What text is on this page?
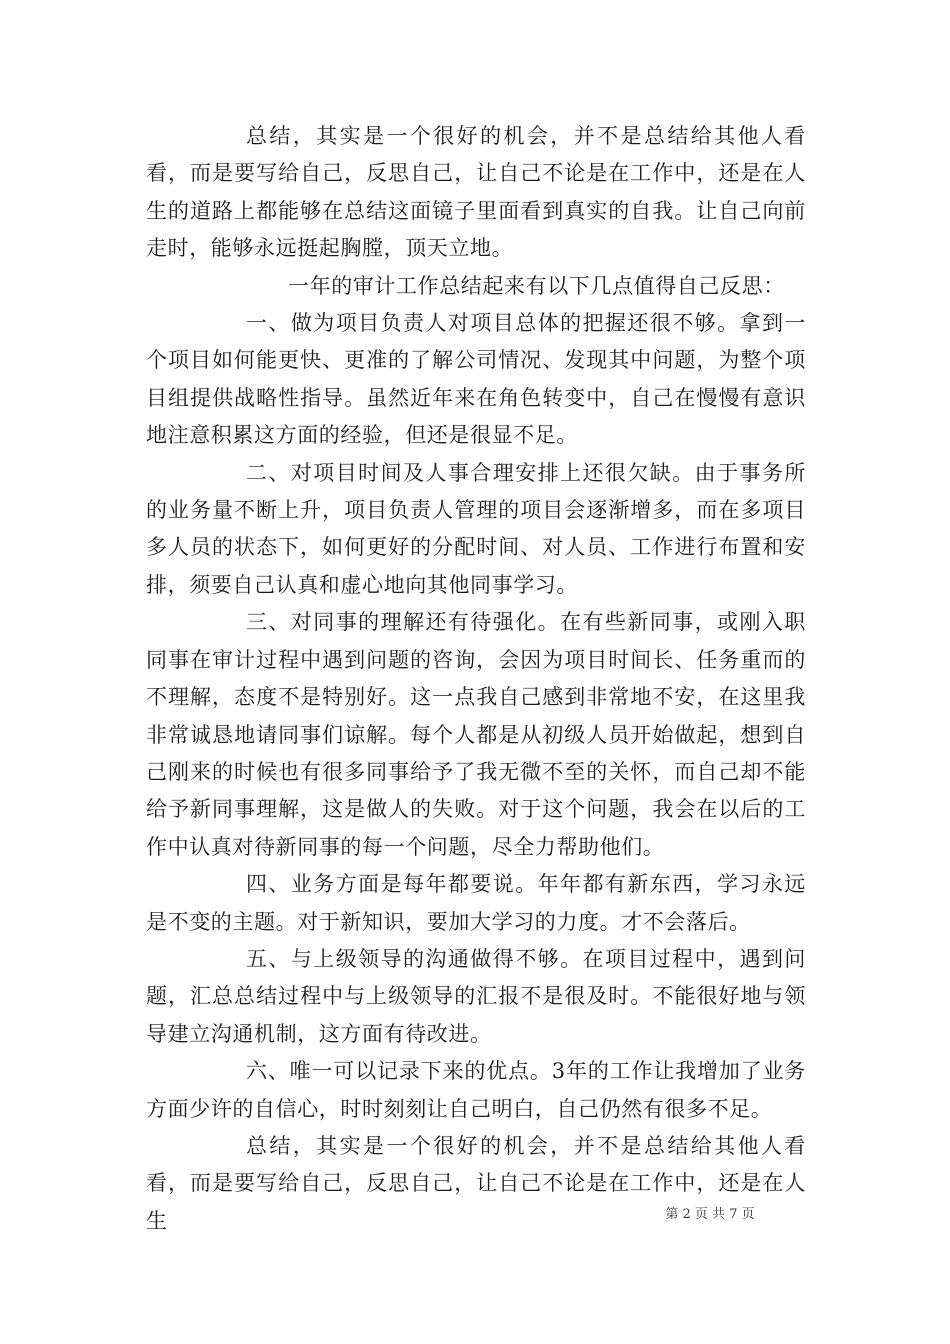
总结，其实是一个很好的机会，并不是总结给其他人看看，而是要写给自己，反思自己，让自己不论是在工作中，还是在人生的道路上都能够在总结这面镜子里面看到真实的自我。让自己向前走时，能够永远挺起胸膛，顶天立地。

一年的审计工作总结起来有以下几点值得自己反思：

一、做为项目负责人对项目总体的把握还很不够。拿到一个项目如何能更快、更准的了解公司情况、发现其中问题，为整个项目组提供战略性指导。虽然近年来在角色转变中，自己在慢慢有意识地注意积累这方面的经验，但还是很显不足。

二、对项目时间及人事合理安排上还很欠缺。由于事务所的业务量不断上升，项目负责人管理的项目会逐渐增多，而在多项目多人员的状态下，如何更好的分配时间、对人员、工作进行布置和安排，须要自己认真和虚心地向其他同事学习。

三、对同事的理解还有待强化。在有些新同事，或刚入职同事在审计过程中遇到问题的咨询，会因为项目时间长、任务重而的不理解，态度不是特别好。这一点我自己感到非常地不安，在这里我非常诚恳地请同事们谅解。每个人都是从初级人员开始做起，想到自己刚来的时候也有很多同事给予了我无微不至的关怀，而自己却不能给予新同事理解，这是做人的失败。对于这个问题，我会在以后的工作中认真对待新同事的每一个问题，尽全力帮助他们。

四、业务方面是每年都要说。年年都有新东西，学习永远是不变的主题。对于新知识，要加大学习的力度。才不会落后。

五、与上级领导的沟通做得不够。在项目过程中，遇到问题，汇总总结过程中与上级领导的汇报不是很及时。不能很好地与领导建立沟通机制，这方面有待改进。

六、唯一可以记录下来的优点。3年的工作让我增加了业务方面少许的自信心，时时刻刻让自己明白，自己仍然有很多不足。

总结，其实是一个很好的机会，并不是总结给其他人看看，而是要写给自己，反思自己，让自己不论是在工作中，还是在人生	第 2 页 共 7 页
